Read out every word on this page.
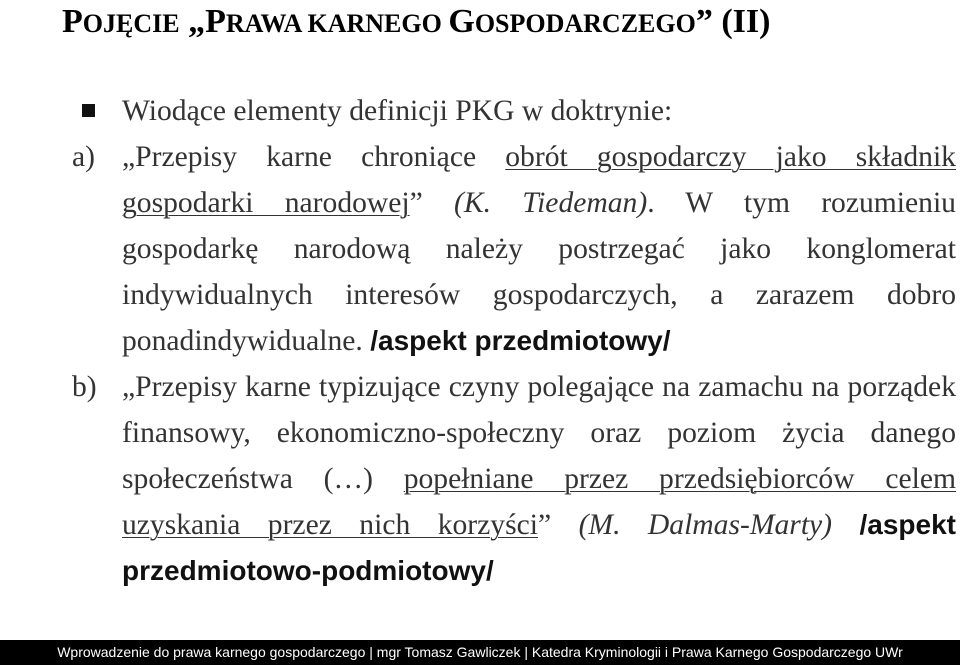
POJĘCIE „PRAWA KARNEGO GOSPODARCZEGO” (II)
Wiodące elementy definicji PKG w doktrynie:
a) „Przepisy karne chroniące obrót gospodarczy jako składnik gospodarki narodowej” (K. Tiedeman). W tym rozumieniu gospodarkę narodową należy postrzegać jako konglomerat indywidualnych interesów gospodarczych, a zarazem dobro ponadindywidualne. /aspekt przedmiotowy/
b) „Przepisy karne typizujące czyny polegające na zamachu na porządek finansowy, ekonomiczno-społeczny oraz poziom życia danego społeczeństwa (…) popełniane przez przedsiębiorców celem uzyskania przez nich korzyści” (M. Dalmas-Marty) /aspekt przedmiotowo-podmiotowy/
Wprowadzenie do prawa karnego gospodarczego | mgr Tomasz Gawliczek | Katedra Kryminologii i Prawa Karnego Gospodarczego UWr
